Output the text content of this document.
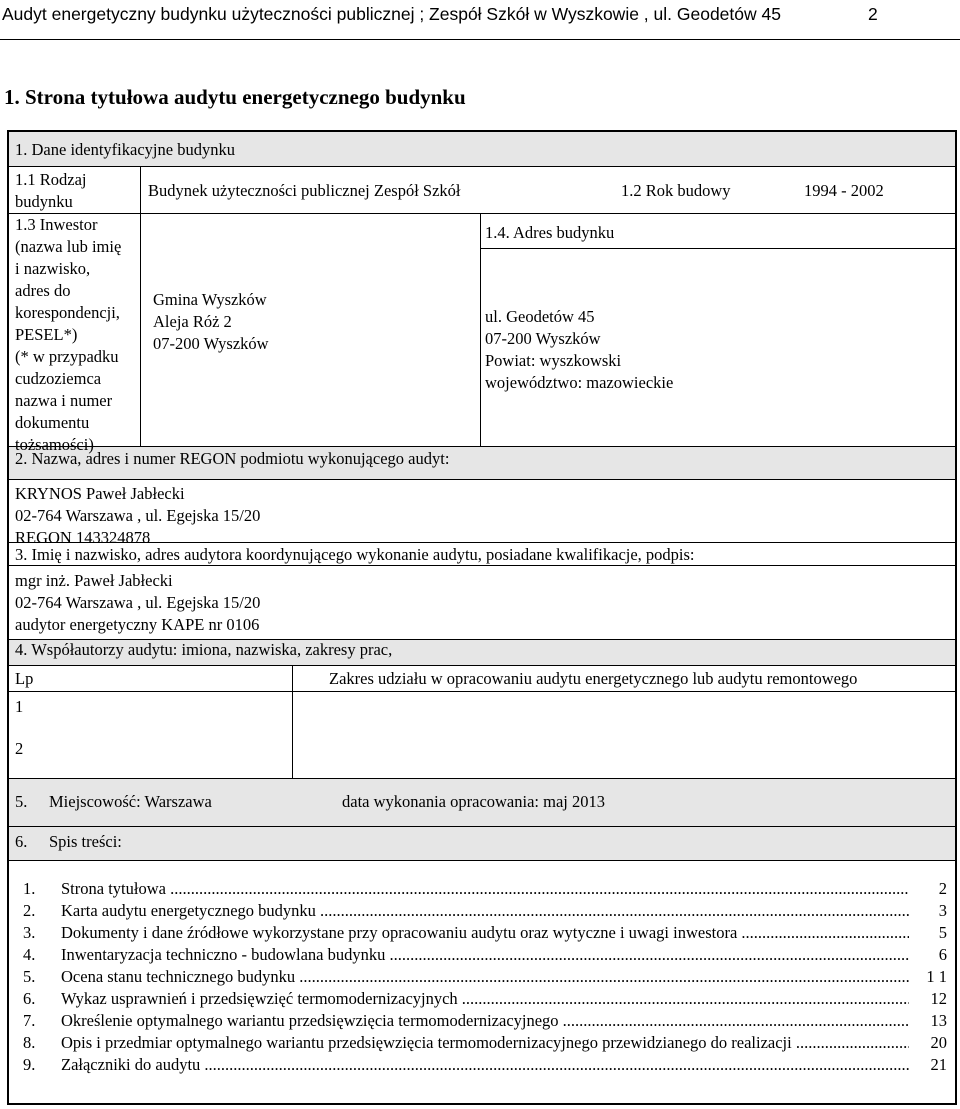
Audyt energetyczny budynku użyteczności publicznej ; Zespół Szkół w Wyszkowie , ul. Geodetów 45	2
1. Strona tytułowa audytu energetycznego budynku
1. Dane identyfikacyjne budynku
1.1 Rodzaj
budynku
Budynek użyteczności publicznej Zespół Szkół	1.2 Rok budowy	1994 - 2002
1.3 Inwestor
(nazwa lub imię
i nazwisko,
adres do
korespondencji,
PESEL*)
(* w przypadku
cudzoziemca
nazwa i numer
dokumentu
tożsamości)
Gmina Wyszków
Aleja Róż 2
07-200 Wyszków
1.4. Adres budynku
ul. Geodetów 45
07-200 Wyszków
Powiat: wyszkowski
województwo: mazowieckie
2. Nazwa, adres i numer REGON podmiotu wykonującego audyt:
KRYNOS Paweł Jabłecki
02-764 Warszawa , ul. Egejska 15/20
REGON 143324878
3. Imię i nazwisko, adres audytora koordynującego wykonanie audytu, posiadane kwalifikacje, podpis:
mgr inż. Paweł Jabłecki
02-764 Warszawa , ul. Egejska 15/20
audytor energetyczny KAPE nr 0106
4. Współautorzy audytu: imiona, nazwiska, zakresy prac,
Lp	Zakres udziału w opracowaniu audytu energetycznego lub audytu remontowego
1
2
5. Miejscowość: Warszawa	data wykonania opracowania: maj 2013
6. Spis treści:
1. Strona tytułowa .....	2
2. Karta audytu energetycznego budynku .....	3
3. Dokumenty i dane źródłowe wykorzystane przy opracowaniu audytu oraz wytyczne i uwagi inwestora .....	5
4. Inwentaryzacja techniczno - budowlana budynku .....	6
5. Ocena stanu technicznego budynku .....	1 1
6. Wykaz usprawnień i przedsięwzięć termomodernizacyjnych .....	12
7. Określenie optymalnego wariantu przedsięwzięcia termomodernizacyjnego .....	13
8. Opis i przedmiar optymalnego wariantu przedsięwzięcia termomodernizacyjnego przewidzianego do realizacji .....	20
9. Załączniki do audytu .....	21
